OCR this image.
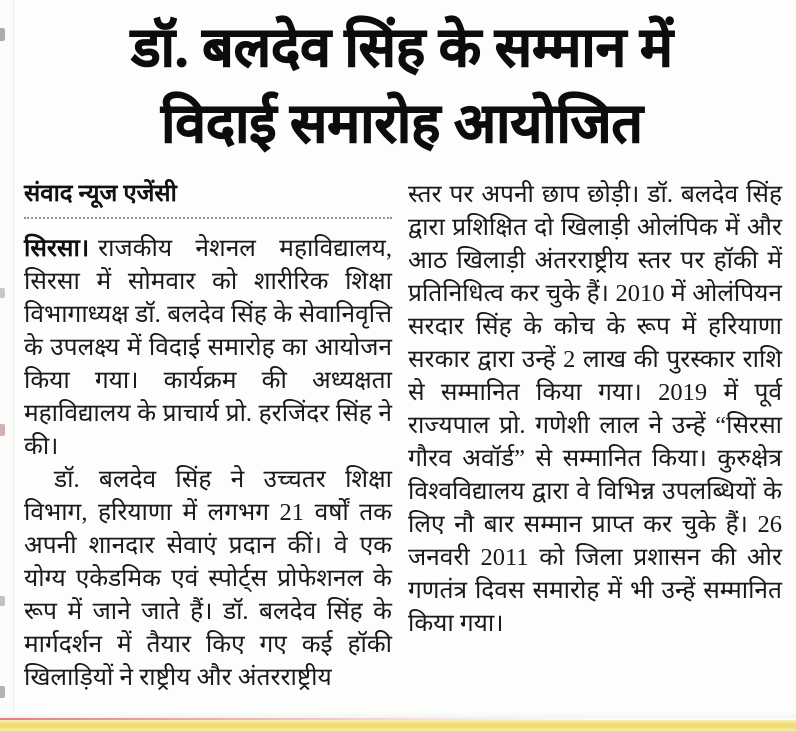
डॉ. बलदेव सिंह के सम्मान में
विदाई समारोह आयोजित
संवाद न्यूज एजेंसी

सिरसा। राजकीय नेशनल महाविद्यालय, सिरसा में सोमवार को शारीरिक शिक्षा विभागाध्यक्ष डॉ. बलदेव सिंह के सेवानिवृत्ति के उपलक्ष्य में विदाई समारोह का आयोजन किया गया। कार्यक्रम की अध्यक्षता महाविद्यालय के प्राचार्य प्रो. हरजिंदर सिंह ने की।

डॉ. बलदेव सिंह ने उच्चतर शिक्षा विभाग, हरियाणा में लगभग 21 वर्षों तक अपनी शानदार सेवाएं प्रदान कीं। वे एक योग्य एकेडमिक एवं स्पोर्ट्स प्रोफेशनल के रूप में जाने जाते हैं। डॉ. बलदेव सिंह के मार्गदर्शन में तैयार किए गए कई हॉकी खिलाड़ियों ने राष्ट्रीय और अंतरराष्ट्रीय

स्तर पर अपनी छाप छोड़ी। डॉ. बलदेव सिंह द्वारा प्रशिक्षित दो खिलाड़ी ओलंपिक में और आठ खिलाड़ी अंतरराष्ट्रीय स्तर पर हॉकी में प्रतिनिधित्व कर चुके हैं। 2010 में ओलंपियन सरदार सिंह के कोच के रूप में हरियाणा सरकार द्वारा उन्हें 2 लाख की पुरस्कार राशि से सम्मानित किया गया। 2019 में पूर्व राज्यपाल प्रो. गणेशी लाल ने उन्हें “सिरसा गौरव अवॉर्ड” से सम्मानित किया। कुरुक्षेत्र विश्वविद्यालय द्वारा वे विभिन्न उपलब्धियों के लिए नौ बार सम्मान प्राप्त कर चुके हैं। 26 जनवरी 2011 को जिला प्रशासन की ओर गणतंत्र दिवस समारोह में भी उन्हें सम्मानित किया गया।
